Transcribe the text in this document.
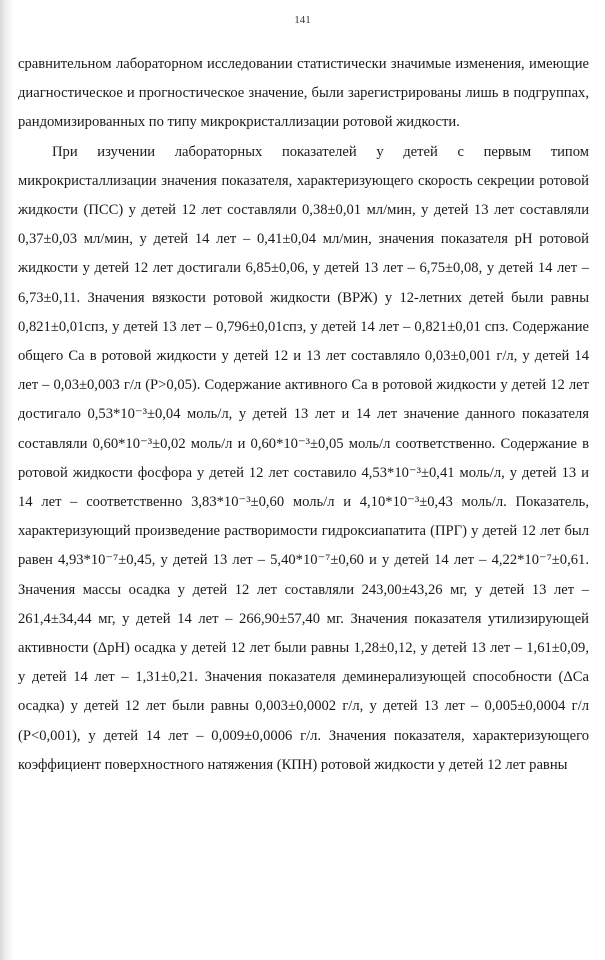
141

сравнительном лабораторном исследовании статистически значимые изменения, имеющие диагностическое и прогностическое значение, были зарегистрированы лишь в подгруппах, рандомизированных по типу микрокристаллизации ротовой жидкости.

При изучении лабораторных показателей у детей с первым типом микрокристаллизации значения показателя, характеризующего скорость секреции ротовой жидкости (ПСС) у детей 12 лет составляли 0,38±0,01 мл/мин, у детей 13 лет составляли 0,37±0,03 мл/мин, у детей 14 лет – 0,41±0,04 мл/мин, значения показателя рН ротовой жидкости у детей 12 лет достигали 6,85±0,06, у детей 13 лет – 6,75±0,08, у детей 14 лет – 6,73±0,11. Значения вязкости ротовой жидкости (ВРЖ) у 12-летних детей были равны 0,821±0,01спз, у детей 13 лет – 0,796±0,01спз, у детей 14 лет – 0,821±0,01 спз. Содержание общего Са в ротовой жидкости у детей 12 и 13 лет составляло 0,03±0,001 г/л, у детей 14 лет – 0,03±0,003 г/л (Р>0,05). Содержание активного Са в ротовой жидкости у детей 12 лет достигало 0,53*10⁻³±0,04 моль/л, у детей 13 лет и 14 лет значение данного показателя составляли 0,60*10⁻³±0,02 моль/л и 0,60*10⁻³±0,05 моль/л соответственно. Содержание в ротовой жидкости фосфора у детей 12 лет составило 4,53*10⁻³±0,41 моль/л, у детей 13 и 14 лет – соответственно 3,83*10⁻³±0,60 моль/л и 4,10*10⁻³±0,43 моль/л. Показатель, характеризующий произведение растворимости гидроксиапатита (ПРГ) у детей 12 лет был равен 4,93*10⁻⁷±0,45, у детей 13 лет – 5,40*10⁻⁷±0,60 и у детей 14 лет – 4,22*10⁻⁷±0,61. Значения массы осадка у детей 12 лет составляли 243,00±43,26 мг, у детей 13 лет – 261,4±34,44 мг, у детей 14 лет – 266,90±57,40 мг. Значения показателя утилизирующей активности (ΔрН) осадка у детей 12 лет были равны 1,28±0,12, у детей 13 лет – 1,61±0,09, у детей 14 лет – 1,31±0,21. Значения показателя деминерализующей способности (ΔСа осадка) у детей 12 лет были равны 0,003±0,0002 г/л, у детей 13 лет – 0,005±0,0004 г/л (Р<0,001), у детей 14 лет – 0,009±0,0006 г/л. Значения показателя, характеризующего коэффициент поверхностного натяжения (КПН) ротовой жидкости у детей 12 лет равны
